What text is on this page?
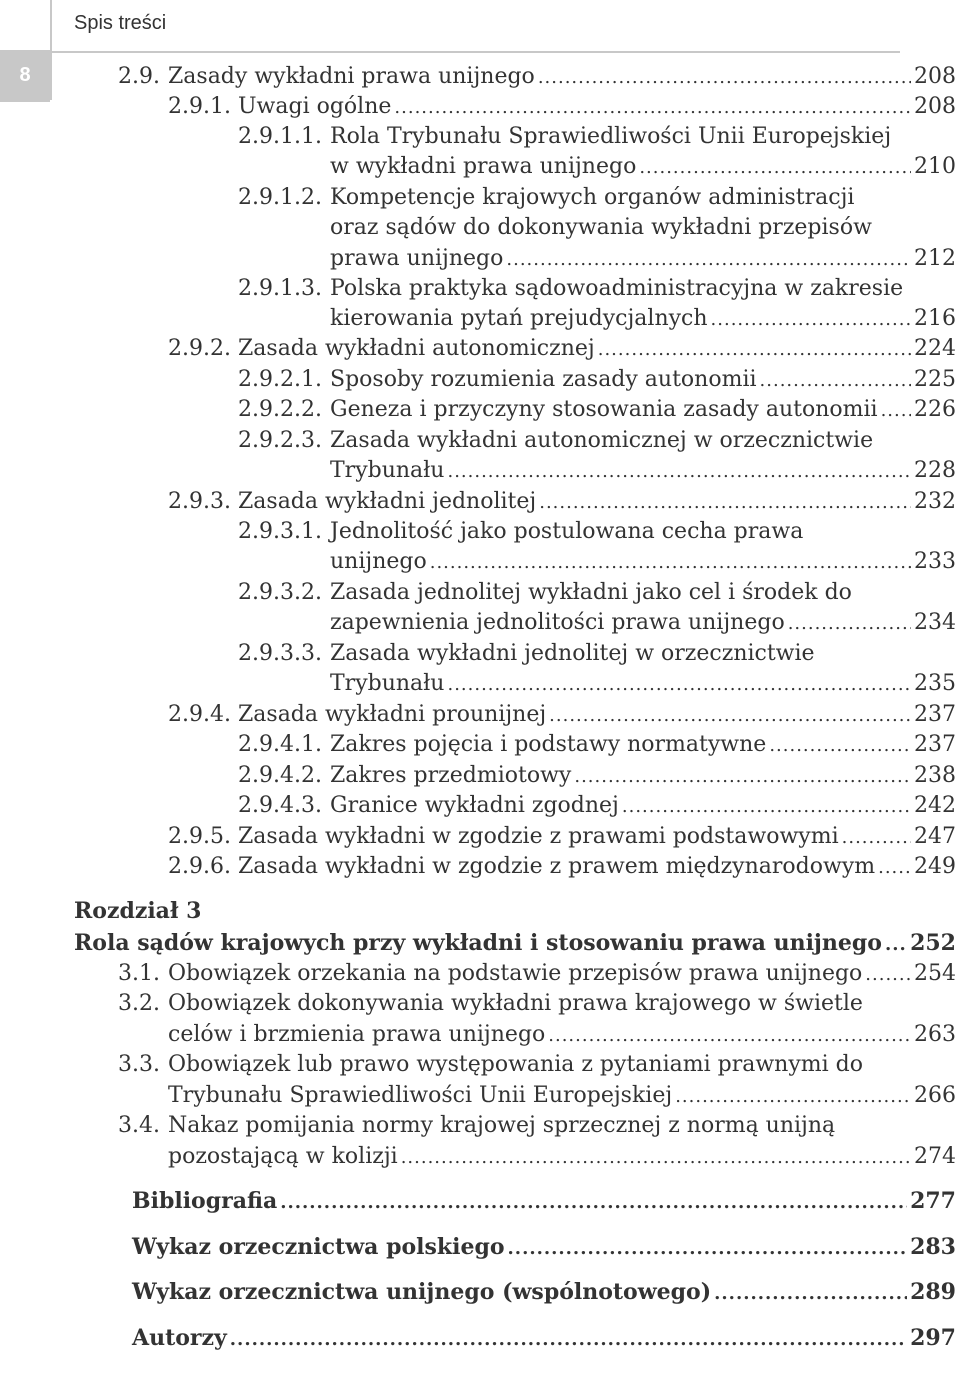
Spis treści
8	2.9. Zasady wykładni prawa unijnego .....	208
2.9.1. Uwagi ogólne .....	208
2.9.1.1. Rola Trybunału Sprawiedliwości Unii Europejskiej
w wykładni prawa unijnego .....	210
2.9.1.2. Kompetencje krajowych organów administracji
oraz sądów do dokonywania wykładni przepisów
prawa unijnego .....	212
2.9.1.3. Polska praktyka sądowoadministracyjna w zakresie
kierowania pytań prejudycjalnych .....	216
2.9.2. Zasada wykładni autonomicznej .....	224
2.9.2.1. Sposoby rozumienia zasady autonomii .....	225
2.9.2.2. Geneza i przyczyny stosowania zasady autonomii ..... 226
2.9.2.3. Zasada wykładni autonomicznej w orzecznictwie
Trybunału .....	228
2.9.3. Zasada wykładni jednolitej .....	232
2.9.3.1. Jednolitość jako postulowana cecha prawa
unijnego .....	233
2.9.3.2. Zasada jednolitej wykładni jako cel i środek do
zapewnienia jednolitości prawa unijnego .....	234
2.9.3.3. Zasada wykładni jednolitej w orzecznictwie
Trybunału .....	235
2.9.4. Zasada wykładni prounijnej .....	237
2.9.4.1. Zakres pojęcia i podstawy normatywne .....	237
2.9.4.2. Zakres przedmiotowy .....	238
2.9.4.3. Granice wykładni zgodnej .....	242
2.9.5. Zasada wykładni w zgodzie z prawami podstawowymi .....	247
2.9.6. Zasada wykładni w zgodzie z prawem międzynarodowym ..... 249
Rozdział 3
Rola sądów krajowych przy wykładni i stosowaniu prawa unijnego ..... 252
3.1. Obowiązek orzekania na podstawie przepisów prawa unijnego ..... 254
3.2. Obowiązek dokonywania wykładni prawa krajowego w świetle
celów i brzmienia prawa unijnego .....	263
3.3. Obowiązek lub prawo występowania z pytaniami prawnymi do
Trybunału Sprawiedliwości Unii Europejskiej .....	266
3.4. Nakaz pomijania normy krajowej sprzecznej z normą unijną
pozostającą w kolizji .....	274
Bibliografia .....	277
Wykaz orzecznictwa polskiego .....	283
Wykaz orzecznictwa unijnego (wspólnotowego) .....	289
Autorzy .....	297
